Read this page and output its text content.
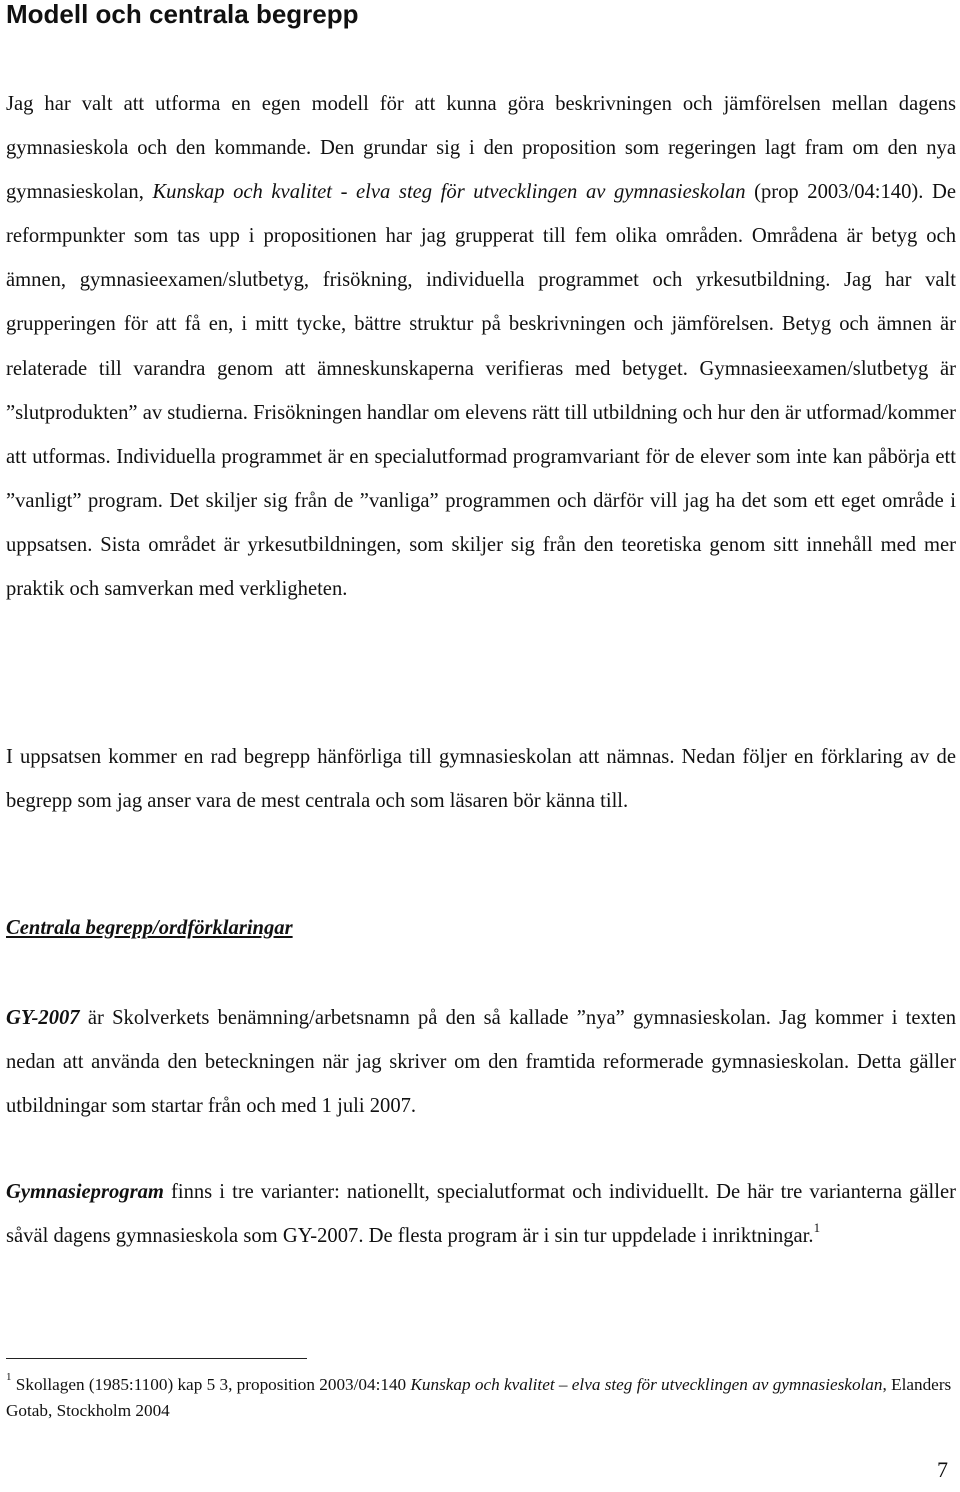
Modell och centrala begrepp

Jag har valt att utforma en egen modell för att kunna göra beskrivningen och jämförelsen mellan dagens gymnasieskola och den kommande. Den grundar sig i den proposition som regeringen lagt fram om den nya gymnasieskolan, Kunskap och kvalitet - elva steg för utvecklingen av gymnasieskolan (prop 2003/04:140). De reformpunkter som tas upp i propositionen har jag grupperat till fem olika områden. Områdena är betyg och ämnen, gymnasieexamen/slutbetyg, frisökning, individuella programmet och yrkesutbildning. Jag har valt grupperingen för att få en, i mitt tycke, bättre struktur på beskrivningen och jämförelsen. Betyg och ämnen är relaterade till varandra genom att ämneskunskaperna verifieras med betyget. Gymnasieexamen/slutbetyg är ”slutprodukten” av studierna. Frisökningen handlar om elevens rätt till utbildning och hur den är utformad/kommer att utformas. Individuella programmet är en specialutformad programvariant för de elever som inte kan påbörja ett ”vanligt” program. Det skiljer sig från de ”vanliga” programmen och därför vill jag ha det som ett eget område i uppsatsen. Sista området är yrkesutbildningen, som skiljer sig från den teoretiska genom sitt innehåll med mer praktik och samverkan med verkligheten.

I uppsatsen kommer en rad begrepp hänförliga till gymnasieskolan att nämnas. Nedan följer en förklaring av de begrepp som jag anser vara de mest centrala och som läsaren bör känna till.

Centrala begrepp/ordförklaringar

GY-2007 är Skolverkets benämning/arbetsnamn på den så kallade ”nya” gymnasieskolan. Jag kommer i texten nedan att använda den beteckningen när jag skriver om den framtida reformerade gymnasieskolan. Detta gäller utbildningar som startar från och med 1 juli 2007.

Gymnasieprogram finns i tre varianter: nationellt, specialutformat och individuellt. De här tre varianterna gäller såväl dagens gymnasieskola som GY-2007. De flesta program är i sin tur uppdelade i inriktningar.$^1$

$^1$ Skollagen (1985:1100) kap 5 3, proposition 2003/04:140 Kunskap och kvalitet – elva steg för utvecklingen av gymnasieskolan, Elanders Gotab, Stockholm 2004

7
